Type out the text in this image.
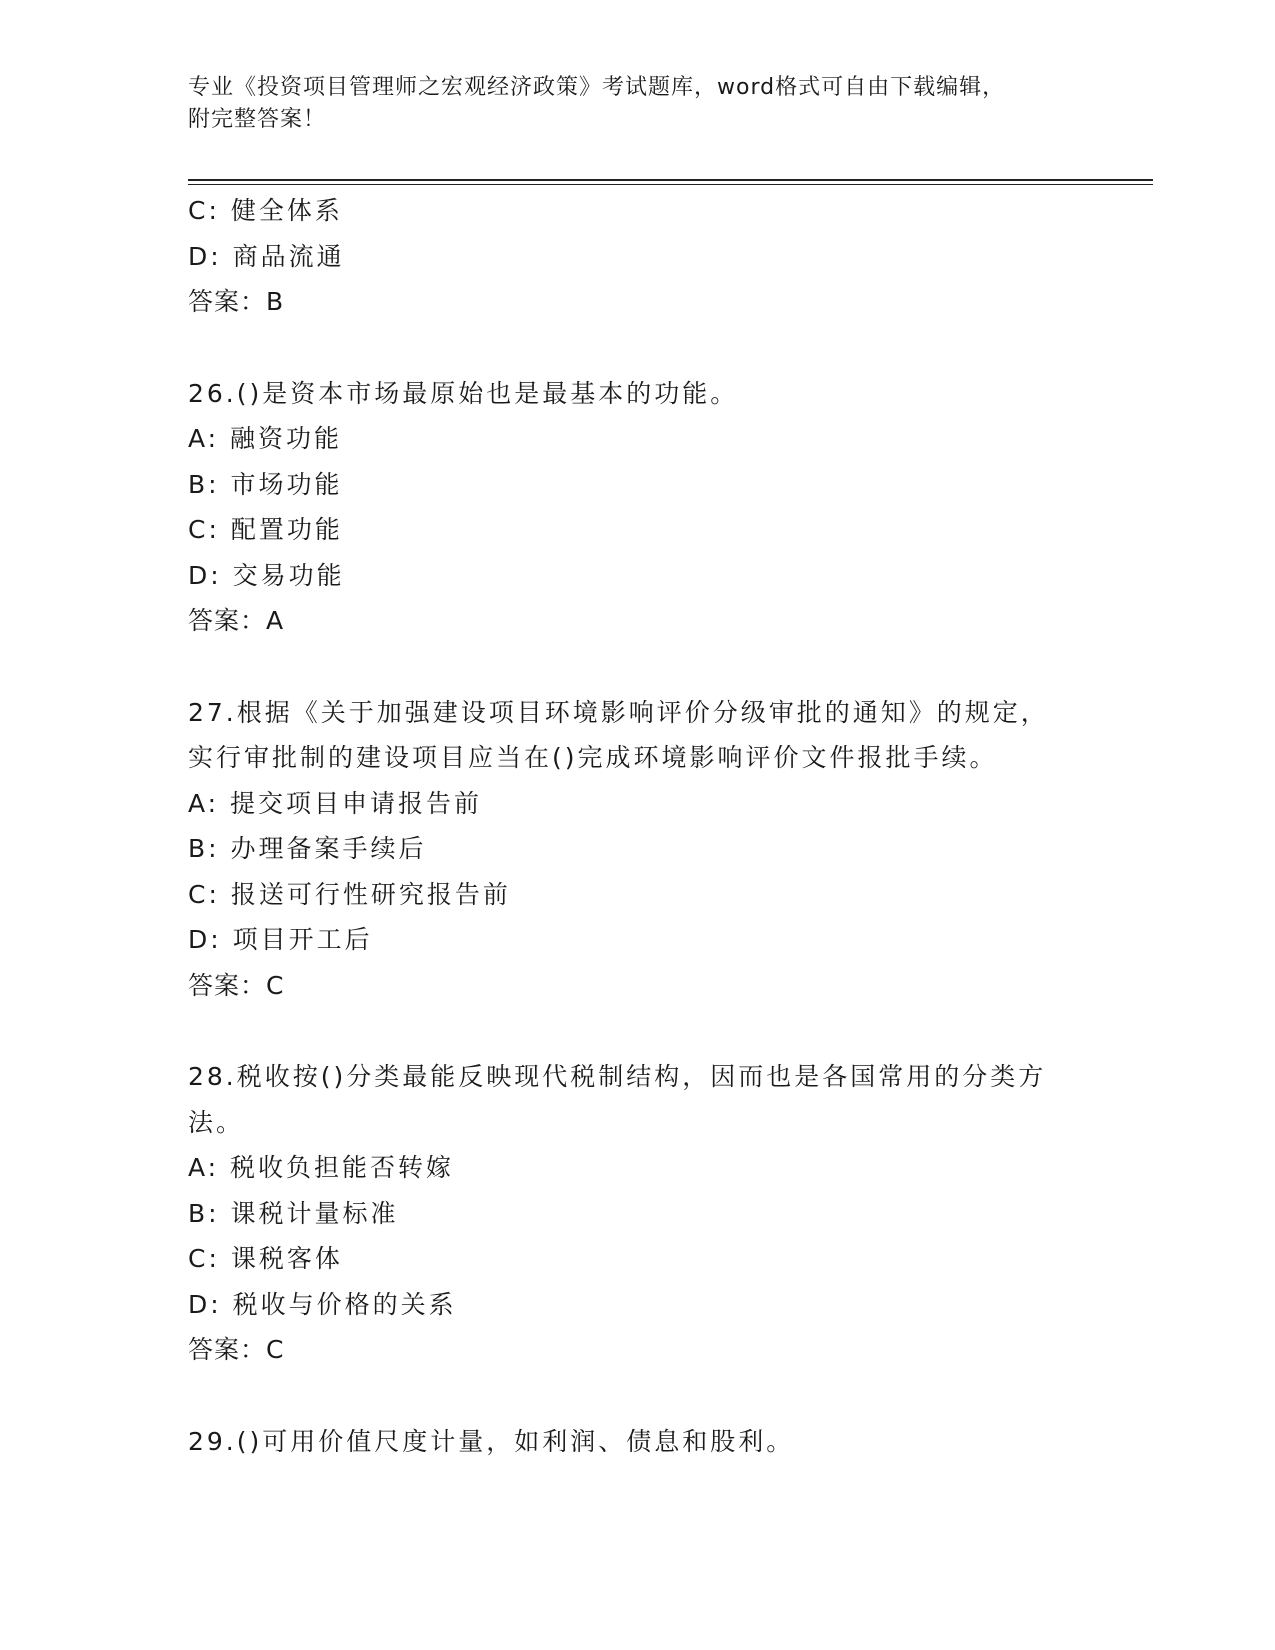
专业《投资项目管理师之宏观经济政策》考试题库，word格式可自由下载编辑，
附完整答案！
C: 健全体系
D: 商品流通
答案：B
26.()是资本市场最原始也是最基本的功能。
A: 融资功能
B: 市场功能
C: 配置功能
D: 交易功能
答案：A
27.根据《关于加强建设项目环境影响评价分级审批的通知》的规定，
实行审批制的建设项目应当在()完成环境影响评价文件报批手续。
A: 提交项目申请报告前
B: 办理备案手续后
C: 报送可行性研究报告前
D: 项目开工后
答案：C
28.税收按()分类最能反映现代税制结构，因而也是各国常用的分类方
法。
A: 税收负担能否转嫁
B: 课税计量标准
C: 课税客体
D: 税收与价格的关系
答案：C
29.()可用价值尺度计量，如利润、债息和股利。
